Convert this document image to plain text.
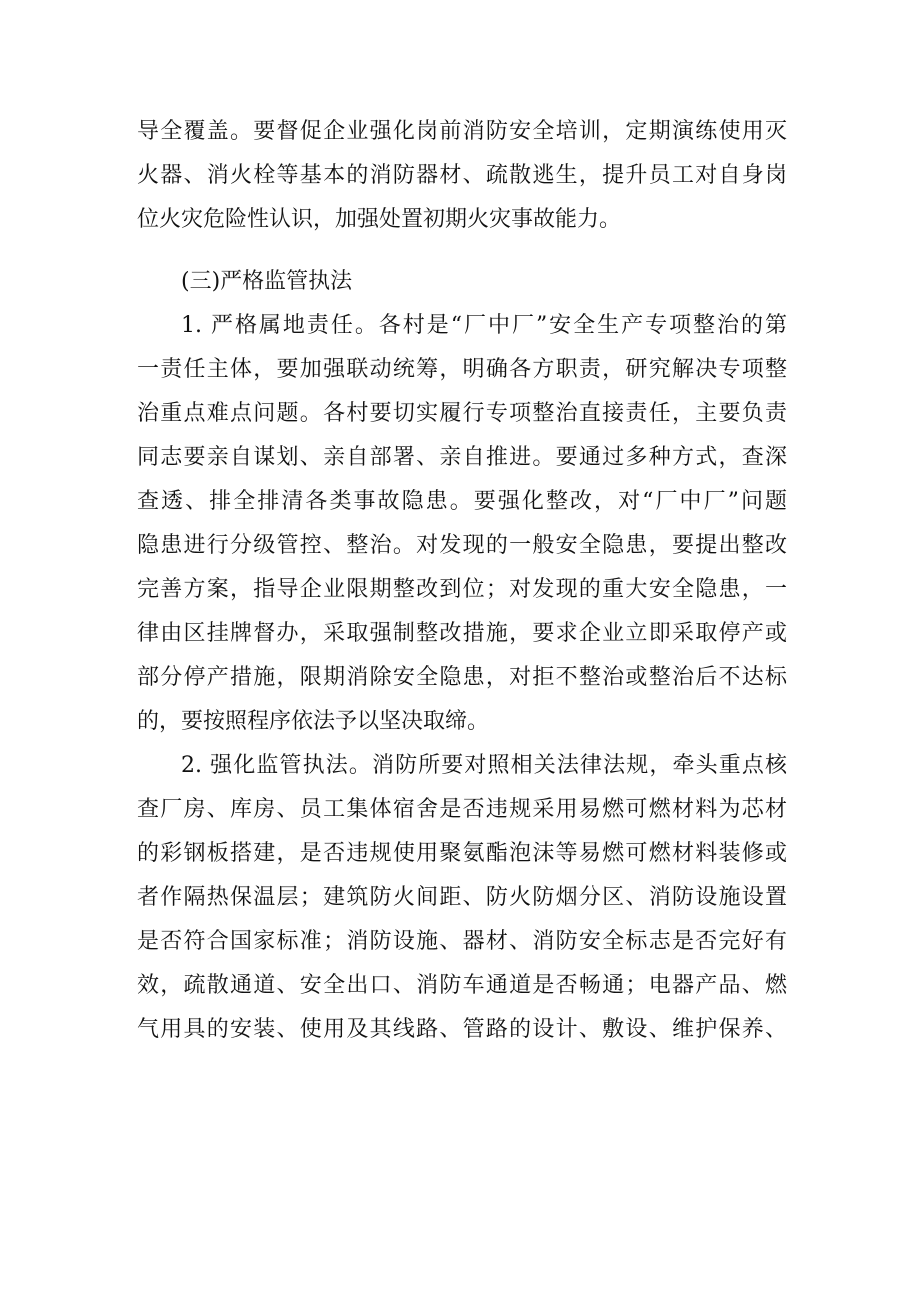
导全覆盖。要督促企业强化岗前消防安全培训，定期演练使用灭
火器、消火栓等基本的消防器材、疏散逃生，提升员工对自身岗
位火灾危险性认识，加强处置初期火灾事故能力。
(三)严格监管执法
1. 严格属地责任。各村是“厂中厂”安全生产专项整治的第
一责任主体，要加强联动统筹，明确各方职责，研究解决专项整
治重点难点问题。各村要切实履行专项整治直接责任，主要负责
同志要亲自谋划、亲自部署、亲自推进。要通过多种方式，查深
查透、排全排清各类事故隐患。要强化整改，对“厂中厂”问题
隐患进行分级管控、整治。对发现的一般安全隐患，要提出整改
完善方案，指导企业限期整改到位；对发现的重大安全隐患，一
律由区挂牌督办，采取强制整改措施，要求企业立即采取停产或
部分停产措施，限期消除安全隐患，对拒不整治或整治后不达标
的，要按照程序依法予以坚决取缔。
2. 强化监管执法。消防所要对照相关法律法规，牵头重点核
查厂房、库房、员工集体宿舍是否违规采用易燃可燃材料为芯材
的彩钢板搭建，是否违规使用聚氨酯泡沫等易燃可燃材料装修或
者作隔热保温层；建筑防火间距、防火防烟分区、消防设施设置
是否符合国家标准；消防设施、器材、消防安全标志是否完好有
效，疏散通道、安全出口、消防车通道是否畅通；电器产品、燃
气用具的安装、使用及其线路、管路的设计、敷设、维护保养、
